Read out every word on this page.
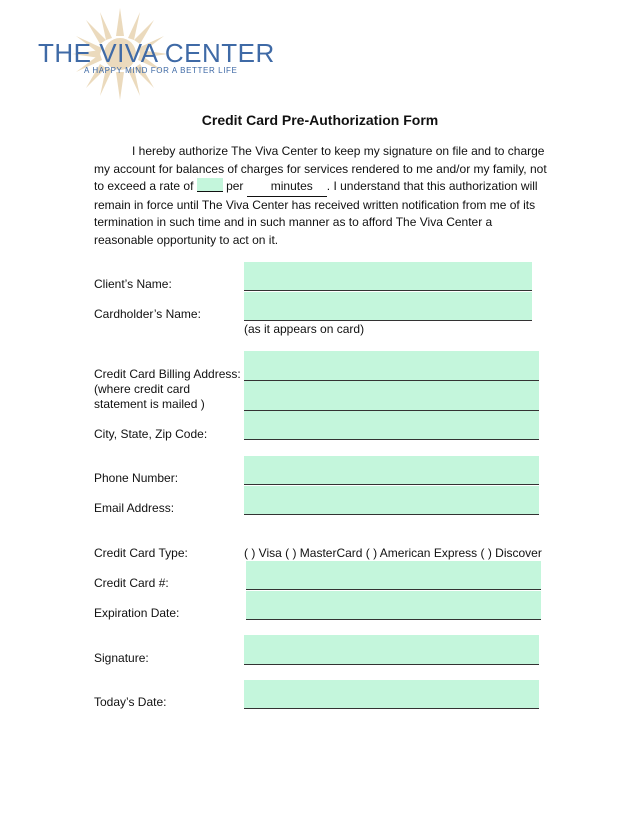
THE VIVA CENTER
A HAPPY MIND FOR A BETTER LIFE
Credit Card Pre-Authorization Form
I hereby authorize The Viva Center to keep my signature on file and to charge my account for balances of charges for services rendered to me and/or my family, not to exceed a rate of  per minutes . I understand that this authorization will remain in force until The Viva Center has received written notification from me of its termination in such time and in such manner as to afford The Viva Center a reasonable opportunity to act on it.
Client’s Name:
Cardholder’s Name:
(as it appears on card)
Credit Card Billing Address:
(where credit card
statement is mailed )
City, State, Zip Code:
Phone Number:
Email Address:
Credit Card Type:	( ) Visa ( ) MasterCard ( ) American Express ( ) Discover
Credit Card #:
Expiration Date:
Signature:
Today’s Date:
